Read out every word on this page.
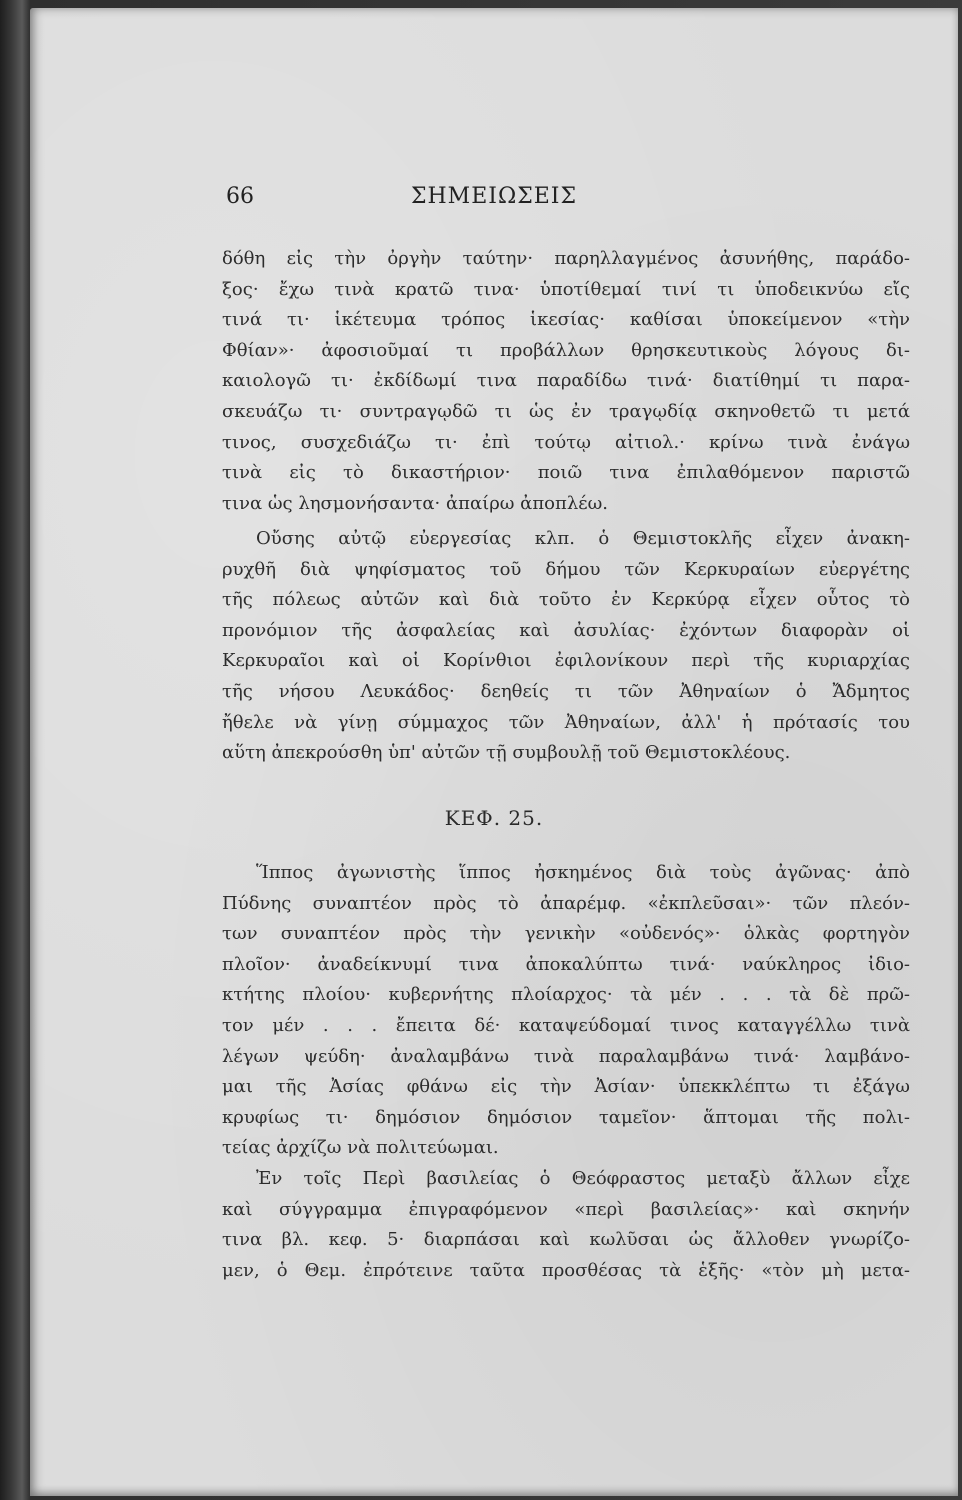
ΣΗΜΕΙΩΣΕΙΣ
66
δόθη εἰς τὴν ὀργὴν ταύτην· παρηλλαγμένος ἀσυνήθης, παράδο-
ξος· ἔχω τινὰ κρατῶ τινα· ὑποτίθεμαί τινί τι ὑποδεικνύω εἴς
τινά τι· ἱκέτευμα τρόπος ἱκεσίας· καθίσαι ὑποκείμενον «τὴν
Φθίαν»· ἀφοσιοῦμαί τι προβάλλων θρησκευτικοὺς λόγους δι-
καιολογῶ τι· ἐκδίδωμί τινα παραδίδω τινά· διατίθημί τι παρα-
σκευάζω τι· συντραγῳδῶ τι ὡς ἐν τραγῳδίᾳ σκηνοθετῶ τι μετά
τινος, συσχεδιάζω τι· ἐπὶ τούτῳ αἰτιολ.· κρίνω τινὰ ἐνάγω
τινὰ εἰς τὸ δικαστήριον· ποιῶ τινα ἐπιλαθόμενον παριστῶ
τινα ὡς λησμονήσαντα· ἀπαίρω ἀποπλέω.
Οὔσης αὐτῷ εὐεργεσίας κλπ. ὁ Θεμιστοκλῆς εἶχεν ἀνακη-
ρυχθῆ διὰ ψηφίσματος τοῦ δήμου τῶν Κερκυραίων εὐεργέτης
τῆς πόλεως αὐτῶν καὶ διὰ τοῦτο ἐν Κερκύρᾳ εἶχεν οὗτος τὸ
προνόμιον τῆς ἀσφαλείας καὶ ἀσυλίας· ἐχόντων διαφορὰν οἱ
Κερκυραῖοι καὶ οἱ Κορίνθιοι ἐφιλονίκουν περὶ τῆς κυριαρχίας
τῆς νήσου Λευκάδος· δεηθείς τι τῶν Ἀθηναίων ὁ Ἄδμητος
ἤθελε νὰ γίνῃ σύμμαχος τῶν Ἀθηναίων, ἀλλ' ἡ πρότασίς του
αὕτη ἀπεκρούσθη ὑπ' αὐτῶν τῇ συμβουλῇ τοῦ Θεμιστοκλέους.
ΚΕΦ. 25.
Ἵππος ἀγωνιστὴς ἵππος ἠσκημένος διὰ τοὺς ἀγῶνας· ἀπὸ
Πύδνης συναπτέον πρὸς τὸ ἀπαρέμφ. «ἐκπλεῦσαι»· τῶν πλεόν-
των συναπτέον πρὸς τὴν γενικὴν «οὐδενός»· ὁλκὰς φορτηγὸν
πλοῖον· ἀναδείκνυμί τινα ἀποκαλύπτω τινά· ναύκληρος ἰδιο-
κτήτης πλοίου· κυβερνήτης πλοίαρχος· τὰ μέν . . . τὰ δὲ πρῶ-
τον μέν . . . ἔπειτα δέ· καταψεύδομαί τινος καταγγέλλω τινὰ
λέγων ψεύδη· ἀναλαμβάνω τινὰ παραλαμβάνω τινά· λαμβάνο-
μαι τῆς Ἀσίας φθάνω εἰς τὴν Ἀσίαν· ὑπεκκλέπτω τι ἐξάγω
κρυφίως τι· δημόσιον δημόσιον ταμεῖον· ἅπτομαι τῆς πολι-
τείας ἀρχίζω νὰ πολιτεύωμαι.
Ἐν τοῖς Περὶ βασιλείας ὁ Θεόφραστος μεταξὺ ἄλλων εἶχε
καὶ σύγγραμμα ἐπιγραφόμενον «περὶ βασιλείας»· καὶ σκηνήν
τινα βλ. κεφ. 5· διαρπάσαι καὶ κωλῦσαι ὡς ἄλλοθεν γνωρίζο-
μεν, ὁ Θεμ. ἐπρότεινε ταῦτα προσθέσας τὰ ἑξῆς· «τὸν μὴ μετα-
